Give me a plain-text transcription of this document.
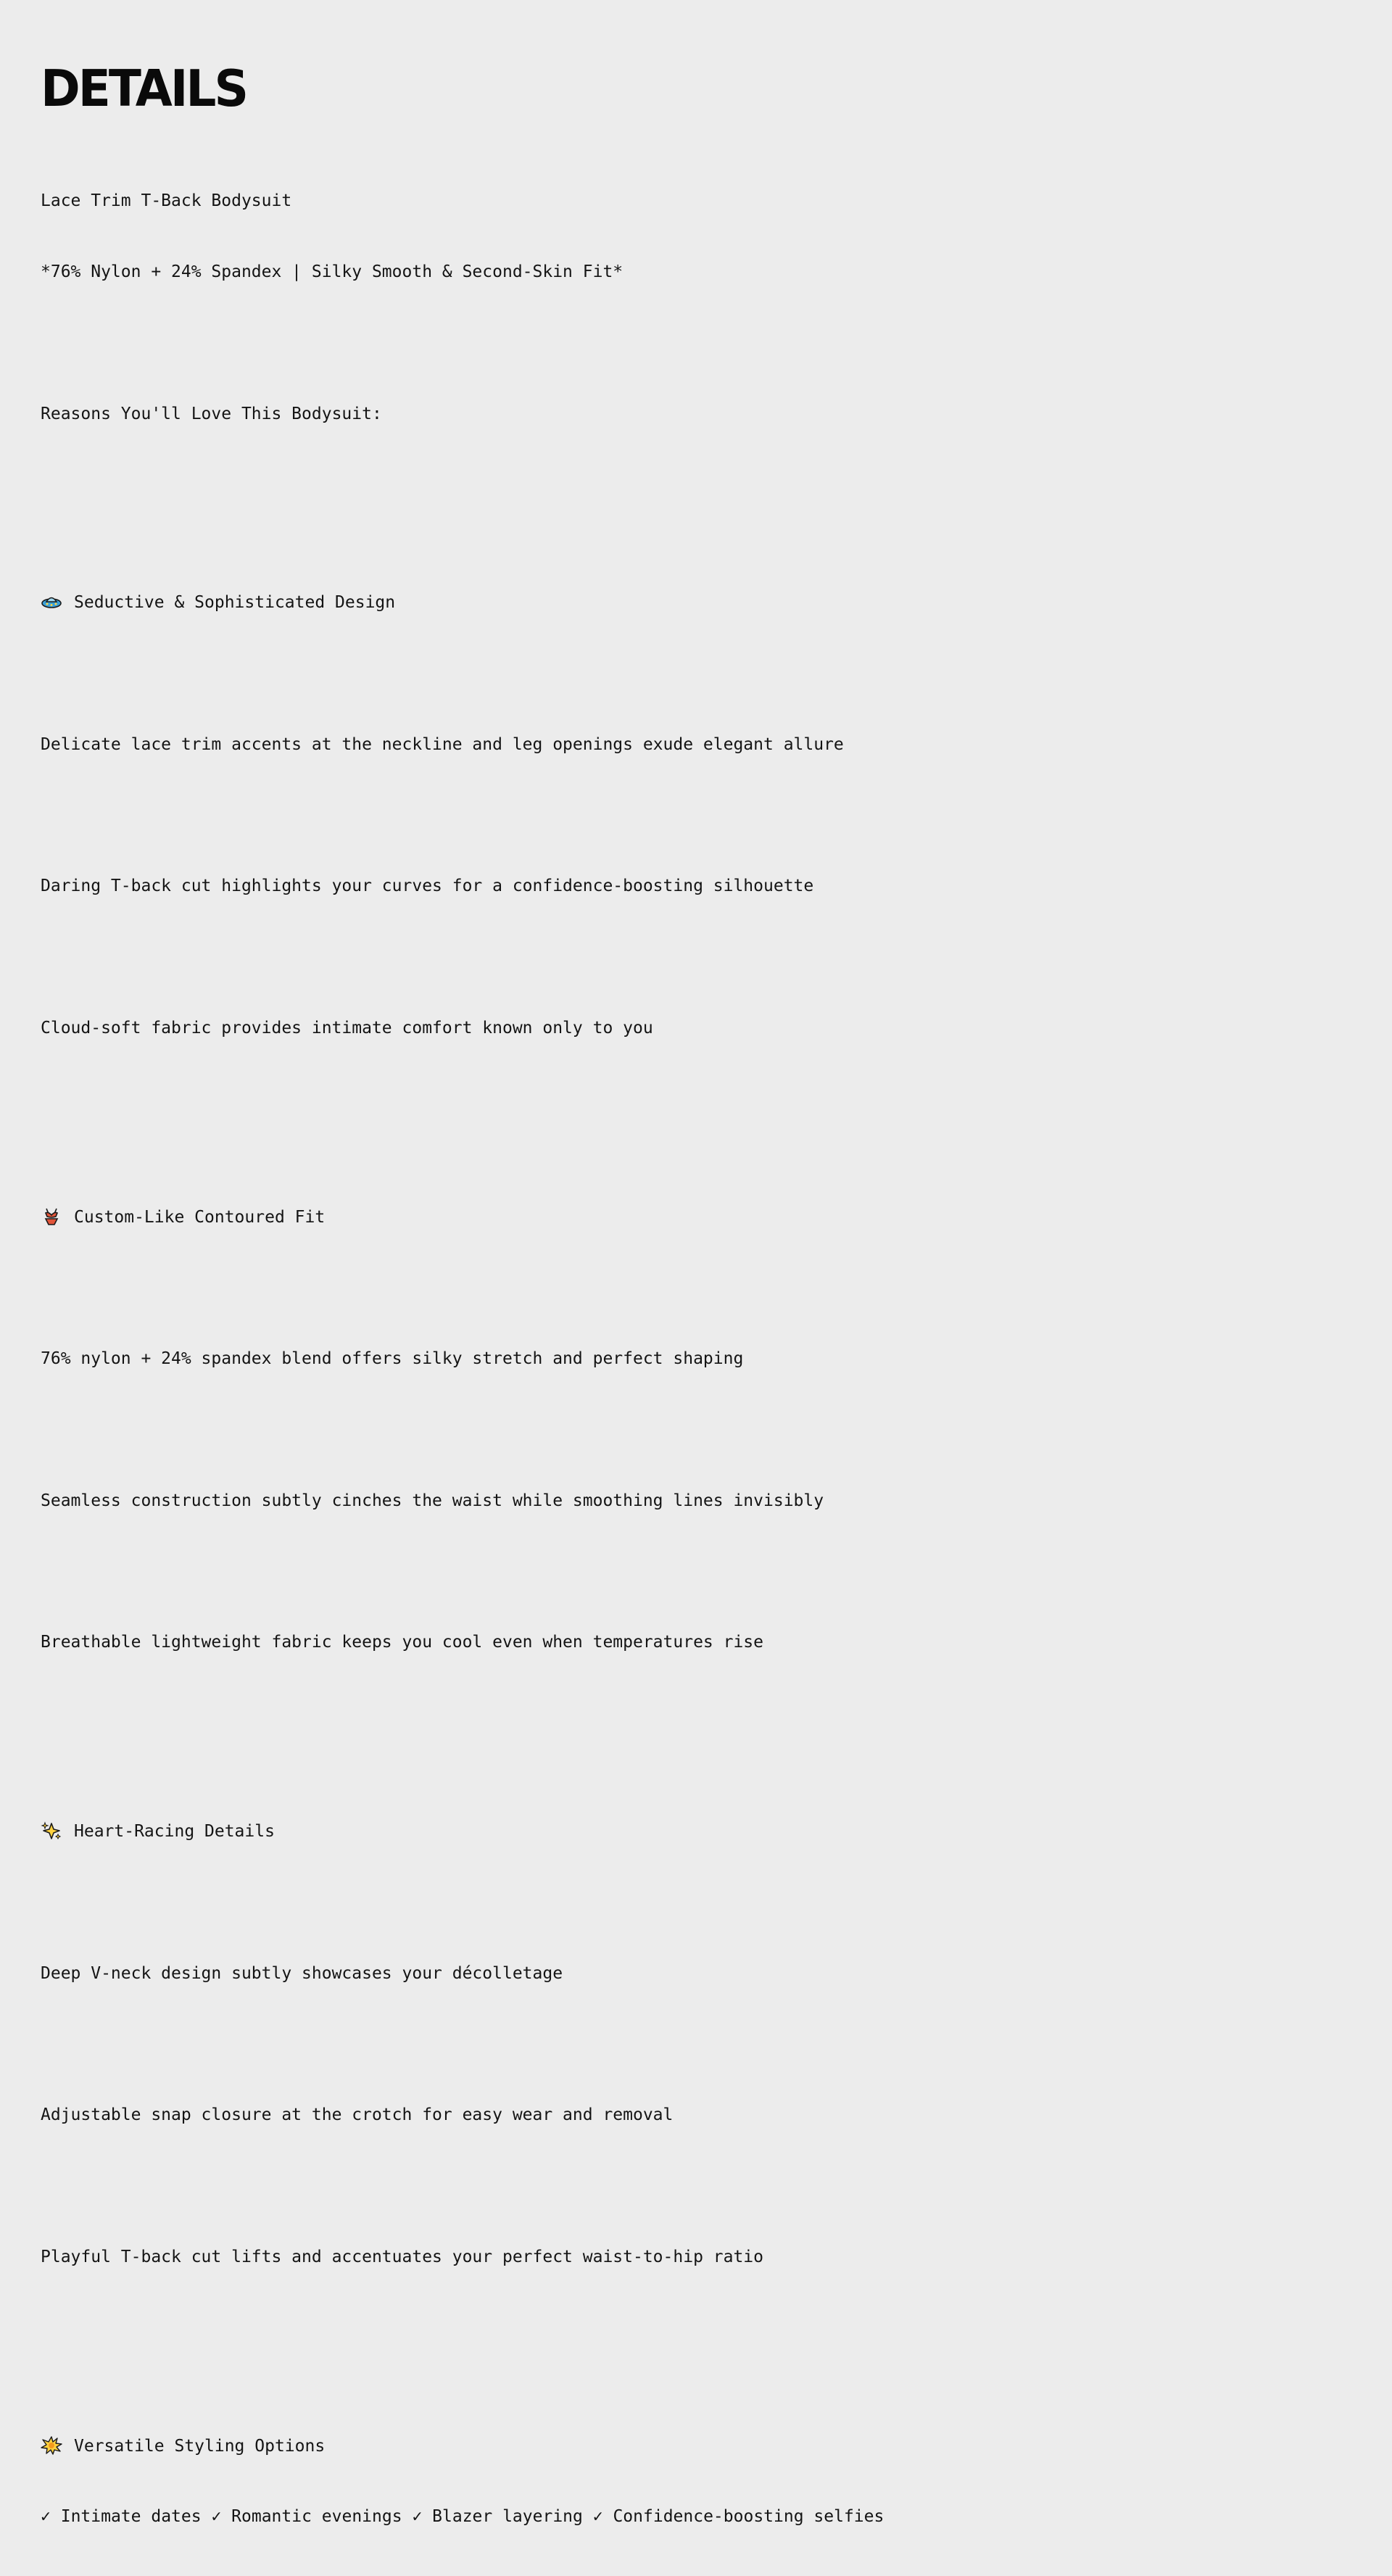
DETAILS

Lace Trim T-Back Bodysuit

*76% Nylon + 24% Spandex | Silky Smooth & Second-Skin Fit*

Reasons You'll Love This Bodysuit:

Seductive & Sophisticated Design

Delicate lace trim accents at the neckline and leg openings exude elegant allure

Daring T-back cut highlights your curves for a confidence-boosting silhouette

Cloud-soft fabric provides intimate comfort known only to you

Custom-Like Contoured Fit

76% nylon + 24% spandex blend offers silky stretch and perfect shaping

Seamless construction subtly cinches the waist while smoothing lines invisibly

Breathable lightweight fabric keeps you cool even when temperatures rise

Heart-Racing Details

Deep V-neck design subtly showcases your décolletage

Adjustable snap closure at the crotch for easy wear and removal

Playful T-back cut lifts and accentuates your perfect waist-to-hip ratio

Versatile Styling Options

✓ Intimate dates ✓ Romantic evenings ✓ Blazer layering ✓ Confidence-boosting selfies
